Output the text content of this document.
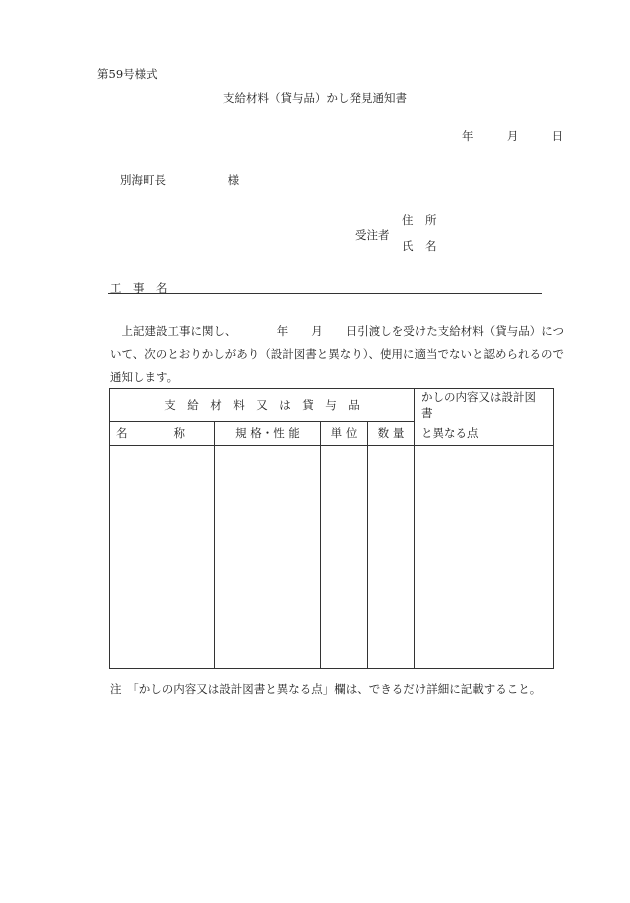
第59号様式
支給材料（貸与品）かし発見通知書
年	月	日
別海町長	様
受注者
住　所
氏　名
工　事　名
　上記建設工事に関し、　　　　年　　月　　日引渡しを受けた支給材料（貸与品）について、次のとおりかしがあり（設計図書と異なり）、使用に適当でないと認められるので通知します。
支　給　材　料　又　は　貸　与　品				かしの内容又は設計図書
名　　　　称	規 格・性 能	単 位	数 量	と異なる点

注　「かしの内容又は設計図書と異なる点」欄は、できるだけ詳細に記載すること。
